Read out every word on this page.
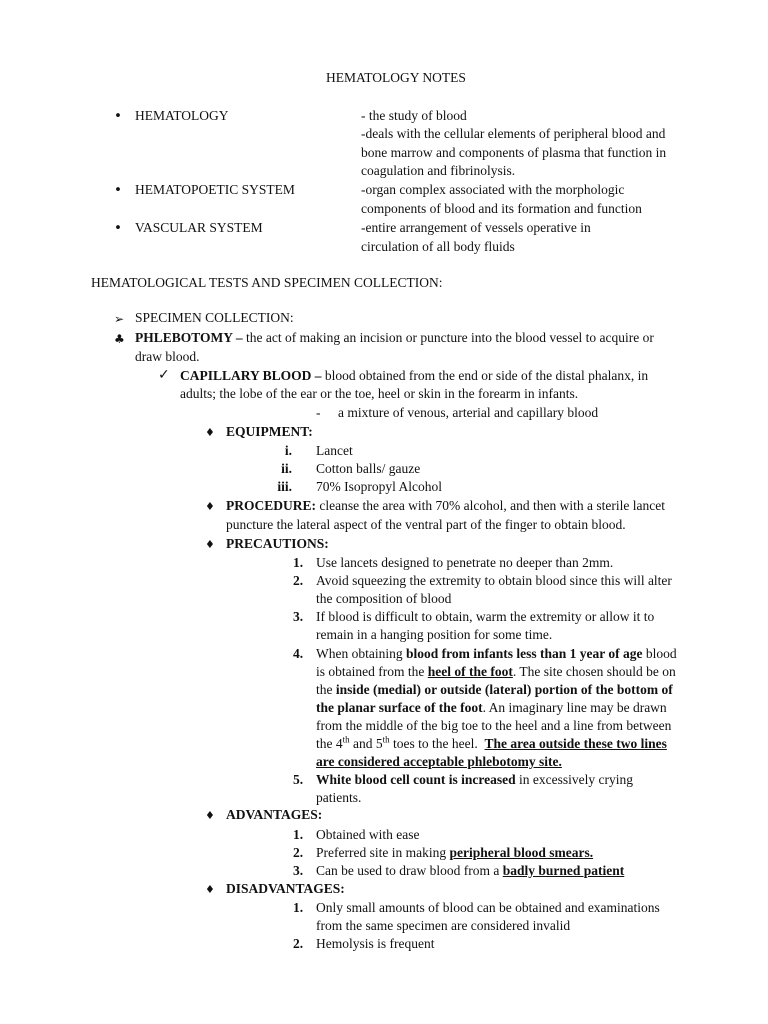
HEMATOLOGY NOTES
• HEMATOLOGY	- the study of blood
-deals with the cellular elements of peripheral blood and
bone marrow and components of plasma that function in
coagulation and fibrinolysis.
• HEMATOPOETIC SYSTEM	-organ complex associated with the morphologic
components of blood and its formation and function
• VASCULAR SYSTEM	-entire arrangement of vessels operative in
circulation of all body fluids
HEMATOLOGICAL TESTS AND SPECIMEN COLLECTION:
➢ SPECIMEN COLLECTION:
♣ PHLEBOTOMY – the act of making an incision or puncture into the blood vessel to acquire or
draw blood.
✓ CAPILLARY BLOOD – blood obtained from the end or side of the distal phalanx, in
adults; the lobe of the ear or the toe, heel or skin in the forearm in infants.
- a mixture of venous, arterial and capillary blood
♦ EQUIPMENT:
i. Lancet
ii. Cotton balls/ gauze
iii. 70% Isopropyl Alcohol
♦ PROCEDURE: cleanse the area with 70% alcohol, and then with a sterile lancet
puncture the lateral aspect of the ventral part of the finger to obtain blood.
♦ PRECAUTIONS:
1. Use lancets designed to penetrate no deeper than 2mm.
2. Avoid squeezing the extremity to obtain blood since this will alter
the composition of blood
3. If blood is difficult to obtain, warm the extremity or allow it to
remain in a hanging position for some time.
4. When obtaining blood from infants less than 1 year of age blood
is obtained from the heel of the foot. The site chosen should be on
the inside (medial) or outside (lateral) portion of the bottom of
the planar surface of the foot. An imaginary line may be drawn
from the middle of the big toe to the heel and a line from between
the 4th and 5th toes to the heel.  The area outside these two lines
are considered acceptable phlebotomy site.
5. White blood cell count is increased in excessively crying
patients.
♦ ADVANTAGES:
1. Obtained with ease
2. Preferred site in making peripheral blood smears.
3. Can be used to draw blood from a badly burned patient
♦ DISADVANTAGES:
1. Only small amounts of blood can be obtained and examinations
from the same specimen are considered invalid
2. Hemolysis is frequent
